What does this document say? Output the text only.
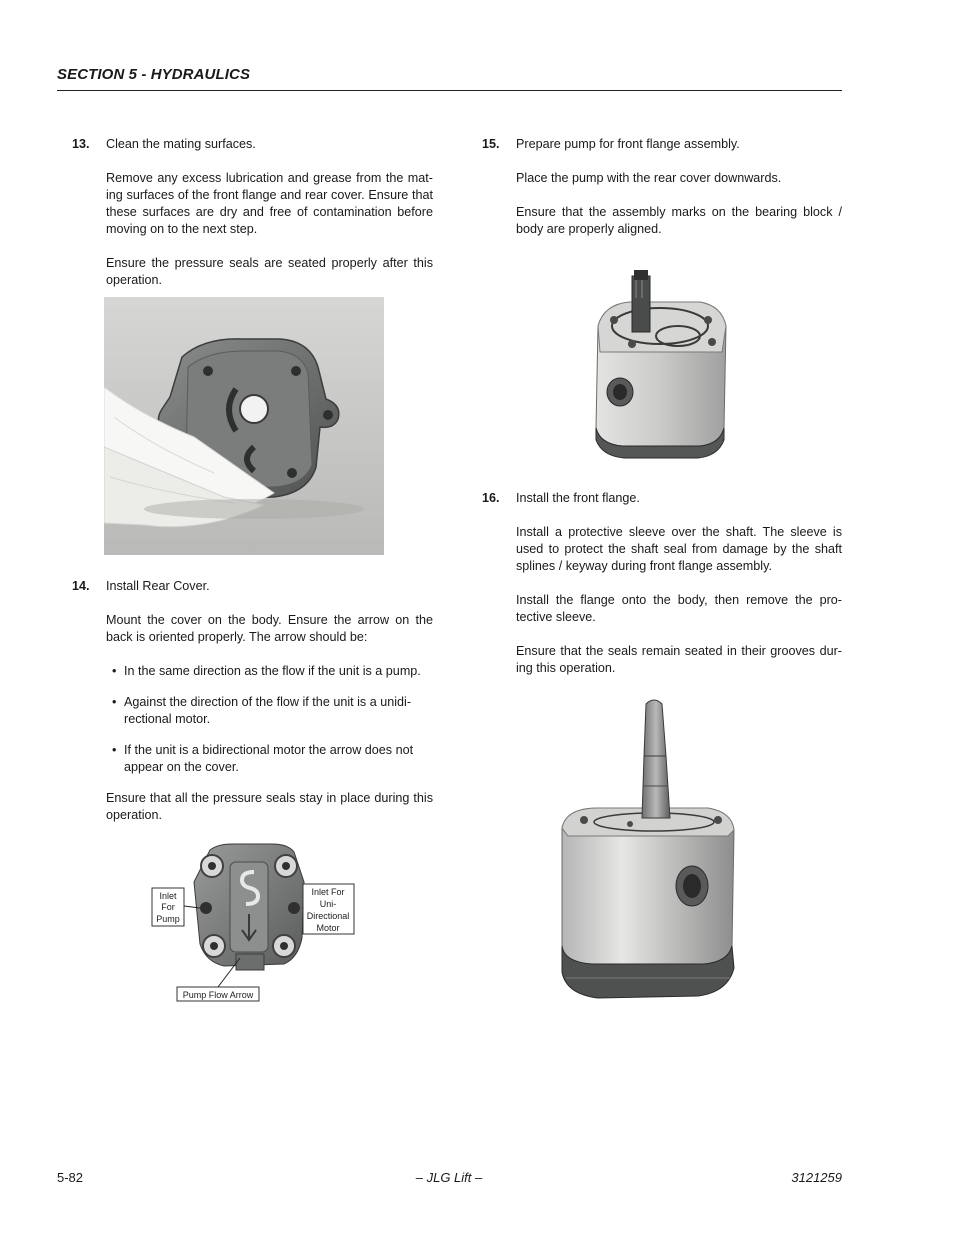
SECTION 5 - HYDRAULICS
13. Clean the mating surfaces.

Remove any excess lubrication and grease from the mat-ing surfaces of the front flange and rear cover. Ensure that these surfaces are dry and free of contamination before moving on to the next step.

Ensure the pressure seals are seated properly after this operation.

14. Install Rear Cover.

Mount the cover on the body. Ensure the arrow on the back is oriented properly. The arrow should be:

• In the same direction as the flow if the unit is a pump.
• Against the direction of the flow if the unit is a unidi-rectional motor.
• If the unit is a bidirectional motor the arrow does not appear on the cover.

Ensure that all the pressure seals stay in place during this operation.

Inlet
For
Pump
Inlet For
Uni-
Directional
Motor
Pump Flow Arrow
15. Prepare pump for front flange assembly.

Place the pump with the rear cover downwards.

Ensure that the assembly marks on the bearing block / body are properly aligned.

16. Install the front flange.

Install a protective sleeve over the shaft. The sleeve is used to protect the shaft seal from damage by the shaft splines / keyway during front flange assembly.

Install the flange onto the body, then remove the pro-tective sleeve.

Ensure that the seals remain seated in their grooves dur-ing this operation.

5-82	– JLG Lift –	3121259
